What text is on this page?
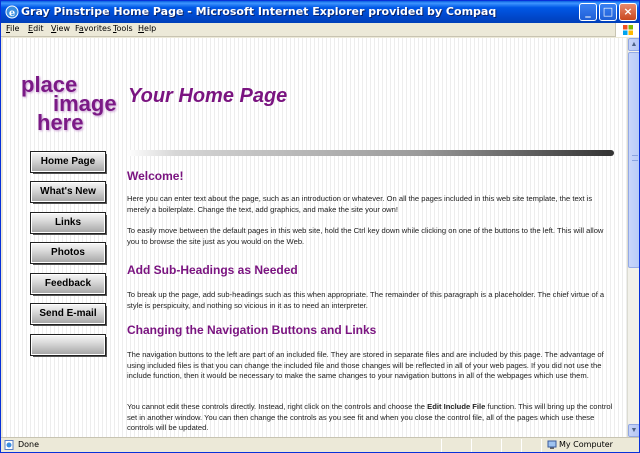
e Gray Pinstripe Home Page - Microsoft Internet Explorer provided by Compaq	_	□ ×
File Edit View Favorites Tools Help
place
image
here
Your Home Page
Home Page
What's New
Links
Photos
Feedback
Send E-mail
Welcome!
Here you can enter text about the page, such as an introduction or whatever. On all the pages included in this web site template, the text is merely a boilerplate. Change the text, add graphics, and make the site your own!
To easily move between the default pages in this web site, hold the Ctrl key down while clicking on one of the buttons to the left. This will allow you to browse the site just as you would on the Web.
Add Sub-Headings as Needed
To break up the page, add sub-headings such as this when appropriate. The remainder of this paragraph is a placeholder. The chief virtue of a style is perspicuity, and nothing so vicious in it as to need an interpreter.
Changing the Navigation Buttons and Links
The navigation buttons to the left are part of an included file. They are stored in separate files and are included by this page. The advantage of using included files is that you can change the included file and those changes will be reflected in all of your web pages. If you did not use the include function, then it would be necessary to make the same changes to your navigation buttons in all of the webpages which use them.
You cannot edit these controls directly. Instead, right click on the controls and choose the Edit Include File function. This will bring up the control set in another window. You can then change the controls as you see fit and when you close the control file, all of the pages which use these controls will be updated.
▲
▼
Done	My Computer
